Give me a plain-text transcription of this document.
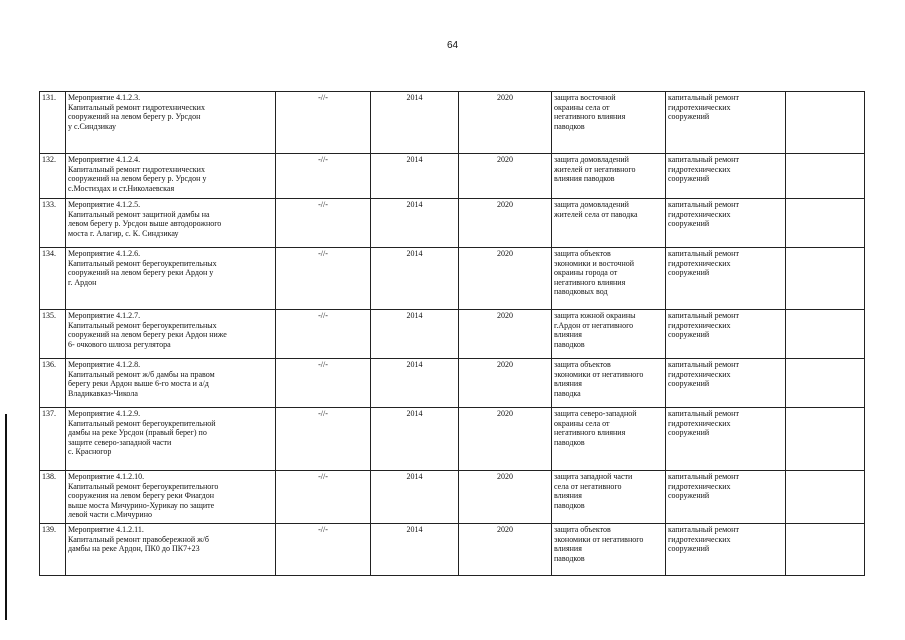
64
131.	Мероприятие 4.1.2.3.
Капитальный ремонт гидротехнических
сооружений на левом берегу р. Урсдон
у с.Синдзикау	-//-	2014	2020	защита восточной
окраины села от
негативного влияния
паводков	капитальный ремонт
гидротехнических
сооружений	

132.	Мероприятие 4.1.2.4.
Капитальный ремонт гидротехнических
сооружений на левом берегу р. Урсдон у
с.Мостиздах и ст.Николаевская	-//-	2014	2020	защита домовладений
жителей от негативного
влияния паводков	капитальный ремонт
гидротехнических
сооружений	

133.	Мероприятие 4.1.2.5.
Капитальный ремонт защитной дамбы на
левом берегу р. Урсдон выше автодорожного
моста г. Алагир, с. К. Синдзикау	-//-	2014	2020	защита домовладений
жителей села от паводка	капитальный ремонт
гидротехнических
сооружений	

134.	Мероприятие 4.1.2.6.
Капитальный ремонт берегоукрепительных
сооружений на левом берегу реки Ардон у
г. Ардон	-//-	2014	2020	защита объектов
экономики и восточной
окраины города от
негативного влияния
паводковых вод	капитальный ремонт
гидротехнических
сооружений	

135.	Мероприятие 4.1.2.7.
Капитальный ремонт берегоукрепительных
сооружений на левом берегу реки Ардон ниже
6- очкового шлюза регулятора	-//-	2014	2020	защита южной окраины
г.Ардон от негативного
влияния
паводков	капитальный ремонт
гидротехнических
сооружений	

136.	Мероприятие 4.1.2.8.
Капитальный ремонт ж/б дамбы на правом
берегу реки Ардон выше 6-го моста и а/д
Владикавказ-Чикола	-//-	2014	2020	защита объектов
экономики от негативного
влияния
паводка	капитальный ремонт
гидротехнических
сооружений	

137.	Мероприятие 4.1.2.9.
Капитальный ремонт берегоукрепительной
дамбы на реке Урсдон (правый берег) по
защите северо-западной части
с. Красногор	-//-	2014	2020	защита северо-западной
окраины села от
негативного влияния
паводков	капитальный ремонт
гидротехнических
сооружений	

138.	Мероприятие 4.1.2.10.
Капитальный ремонт берегоукрепительного
сооружения на левом берегу реки Фиагдон
выше моста Мичурино-Хурикау по защите
левой части с.Мичурино	-//-	2014	2020	защита западной части
села от негативного
влияния
паводков	капитальный ремонт
гидротехнических
сооружений	

139.	Мероприятие 4.1.2.11.
Капитальный ремонт правобережной ж/б
дамбы на реке Ардон, ПК0 до ПК7+23	-//-	2014	2020	защита объектов
экономики от негативного
влияния
паводков	капитальный ремонт
гидротехнических
сооружений	
